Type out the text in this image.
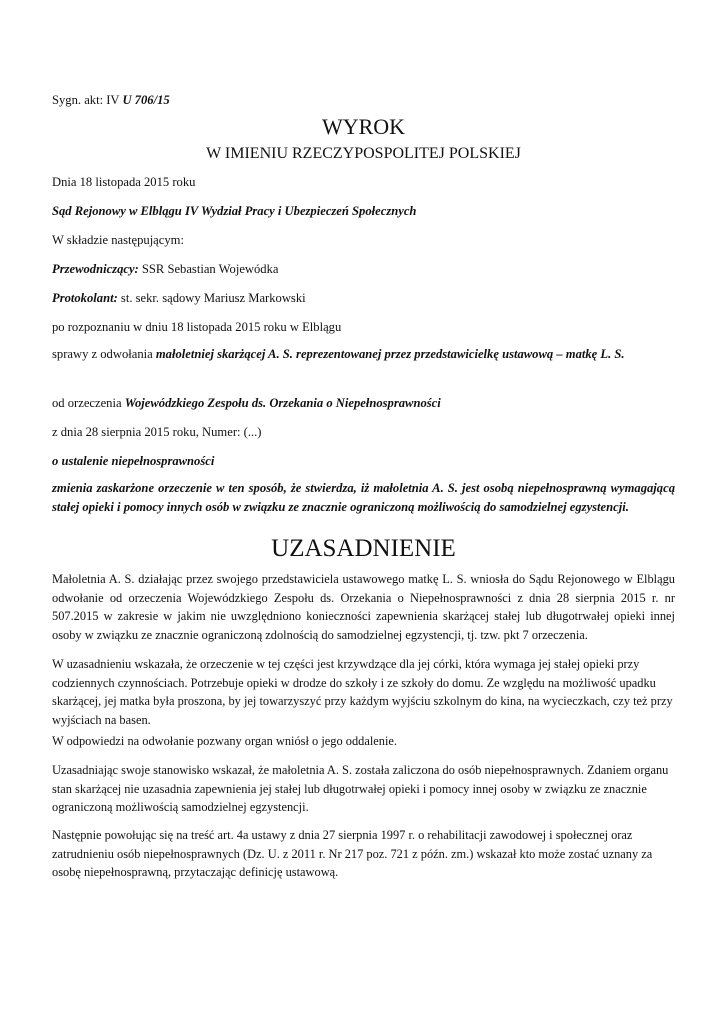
Sygn. akt: IV U 706/15
WYROK
W IMIENIU RZECZYPOSPOLITEJ POLSKIEJ
Dnia 18 listopada 2015 roku
Sąd Rejonowy w Elblągu IV Wydział Pracy i Ubezpieczeń Społecznych
W składzie następującym:
Przewodniczący: SSR Sebastian Wojewódka
Protokolant: st. sekr. sądowy Mariusz Markowski
po rozpoznaniu w dniu 18 listopada 2015 roku w Elblągu
sprawy z odwołania małoletniej skarżącej A. S. reprezentowanej przez przedstawicielkę ustawową – matkę L. S.
od orzeczenia Wojewódzkiego Zespołu ds. Orzekania o Niepełnosprawności
z dnia 28 sierpnia 2015 roku, Numer: (...)
o ustalenie niepełnosprawności
zmienia zaskarżone orzeczenie w ten sposób, że stwierdza, iż małoletnia A. S. jest osobą niepełnosprawną wymagającą stałej opieki i pomocy innych osób w związku ze znacznie ograniczoną możliwością do samodzielnej egzystencji.
UZASADNIENIE
Małoletnia A. S. działając przez swojego przedstawiciela ustawowego matkę L. S. wniosła do Sądu Rejonowego w Elblągu odwołanie od orzeczenia Wojewódzkiego Zespołu ds. Orzekania o Niepełnosprawności z dnia 28 sierpnia 2015 r. nr 507.2015 w zakresie w jakim nie uwzględniono konieczności zapewnienia skarżącej stałej lub długotrwałej opieki innej osoby w związku ze znacznie ograniczoną zdolnością do samodzielnej egzystencji, tj. tzw. pkt 7 orzeczenia.
W uzasadnieniu wskazała, że orzeczenie w tej części jest krzywdzące dla jej córki, która wymaga jej stałej opieki przy codziennych czynnościach. Potrzebuje opieki w drodze do szkoły i ze szkoły do domu. Ze względu na możliwość upadku skarżącej, jej matka była proszona, by jej towarzyszyć przy każdym wyjściu szkolnym do kina, na wycieczkach, czy też przy wyjściach na basen.
W odpowiedzi na odwołanie pozwany organ wniósł o jego oddalenie.
Uzasadniając swoje stanowisko wskazał, że małoletnia A. S. została zaliczona do osób niepełnosprawnych. Zdaniem organu stan skarżącej nie uzasadnia zapewnienia jej stałej lub długotrwałej opieki i pomocy innej osoby w związku ze znacznie ograniczoną możliwością samodzielnej egzystencji.
Następnie powołując się na treść art. 4a ustawy z dnia 27 sierpnia 1997 r. o rehabilitacji zawodowej i społecznej oraz zatrudnieniu osób niepełnosprawnych (Dz. U. z 2011 r. Nr 217 poz. 721 z późn. zm.) wskazał kto może zostać uznany za osobę niepełnosprawną, przytaczając definicję ustawową.
